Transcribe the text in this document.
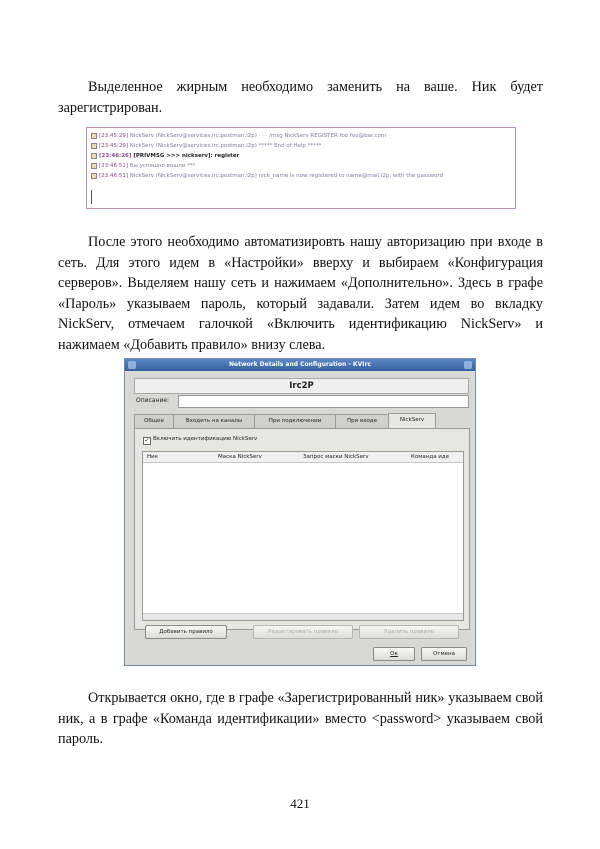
Выделенное жирным необходимо заменить на ваше. Ник будет зарегистрирован.

[23:45:29] NickServ (NickServ@services.irc.postman.i2p) · · · /msg NickServ REGISTER foo foo@bar.com
[23:45:29] NickServ (NickServ@services.irc.postman.i2p) ***** End of Help *****
[23:46:26] [PRIVMSG >>> nickserv]: register
[23:46:51] Вы успешно вошли ***
[23:46:51] NickServ (NickServ@services.irc.postman.i2p) nick_name is now registered to name@mail.i2p, with the password

После этого необходимо автоматизировть нашу авторизацию при входе в сеть. Для этого идем в «Настройки» вверху и выбираем «Конфигурация серверов». Выделяем нашу сеть и нажимаем «Дополнительно». Здесь в графе «Пароль» указываем пароль, который задавали. Затем идем во вкладку NickServ, отмечаем галочкой «Включить идентификацию NickServ» и нажимаем «Добавить правило» внизу слева.

Network Details and Configuration - KVIrc
Irc2P
Описание:
Общее	Входить на каналы	При подключении	При входе	NickServ
✓ Включить идентификацию NickServ
Ник	Маска NickServ	Запрос маски NickServ	Команда иде
Добавить правило	Редактировать правило	Удалить правило
Ок	Отмена

Открывается окно, где в графе «Зарегистрированный ник» указываем свой ник, а в графе «Команда идентификации» вместо <password> указываем свой пароль.

421
